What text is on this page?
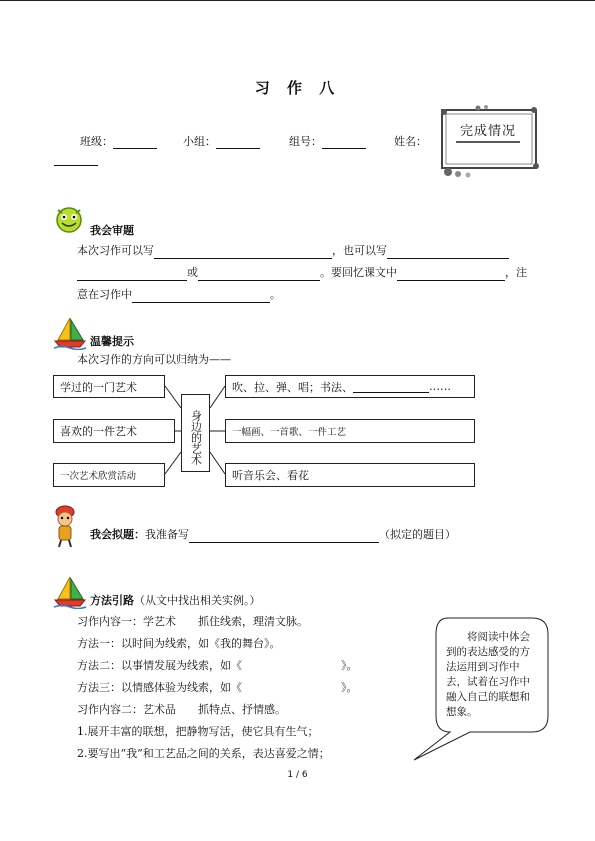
习 作 八
班级：	小组：	组号：	姓名：
完成情况
我会审题
本次习作可以写	，也可以写
或	。要回忆课文中	，注
意在习作中	。
温馨提示
本次习作的方向可以归纳为——
学过的一门艺术
喜欢的一件艺术
一次艺术欣赏活动
身边的艺术
吹、拉、弹、唱；书法、	……
一幅画、一首歌、一件工艺
听音乐会、看花
我会拟题：我准备写	（拟定的题目）
方法引路（从文中找出相关实例。）
习作内容一：学艺术　　抓住线索，理清文脉。
方法一：以时间为线索，如《我的舞台》。
方法二：以事情发展为线索，如《　　　　　　　　　》。
方法三：以情感体验为线索，如《　　　　　　　　　》。
习作内容二：艺术品　　抓特点、抒情感。
1.展开丰富的联想，把静物写活，使它具有生气；
2.要写出“我”和工艺品之间的关系，表达喜爱之情；
将阅读中体会到的表达感受的方法运用到习作中去，试着在习作中融入自己的联想和想象。
1 / 6
